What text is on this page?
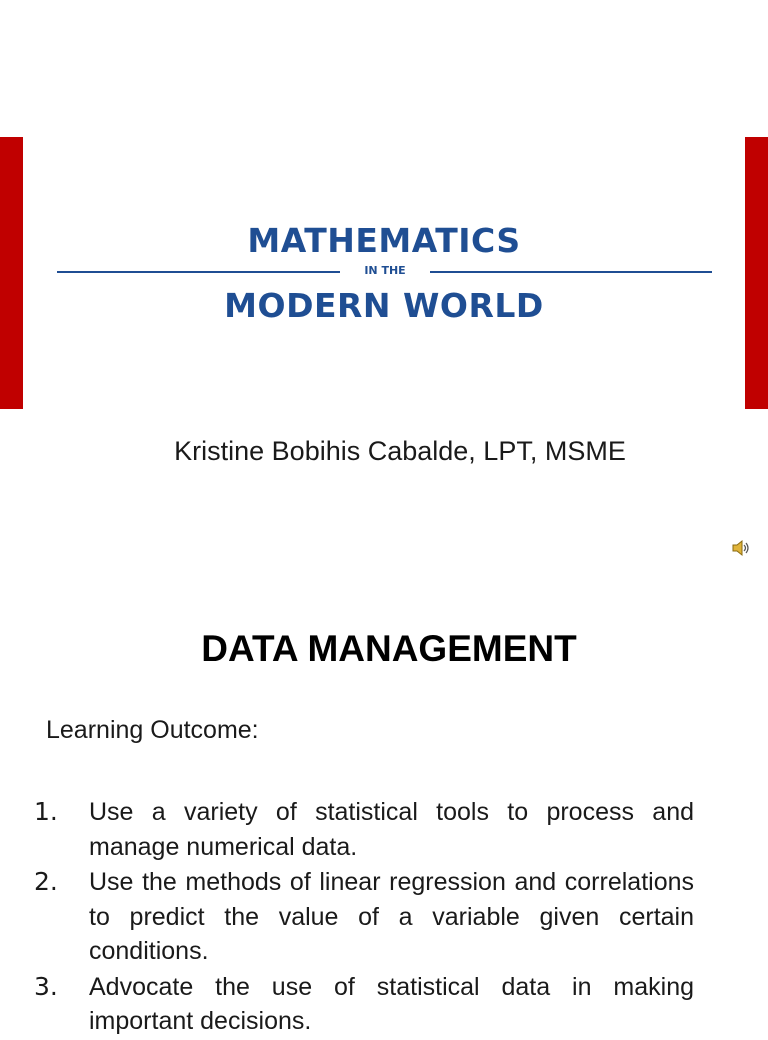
MATHEMATICS
IN THE
MODERN WORLD
Kristine Bobihis Cabalde, LPT, MSME
DATA MANAGEMENT
Learning Outcome:
1. Use a variety of statistical tools to process and manage numerical data.
2. Use the methods of linear regression and correlations to predict the value of a variable given certain conditions.
3. Advocate the use of statistical data in making important decisions.
